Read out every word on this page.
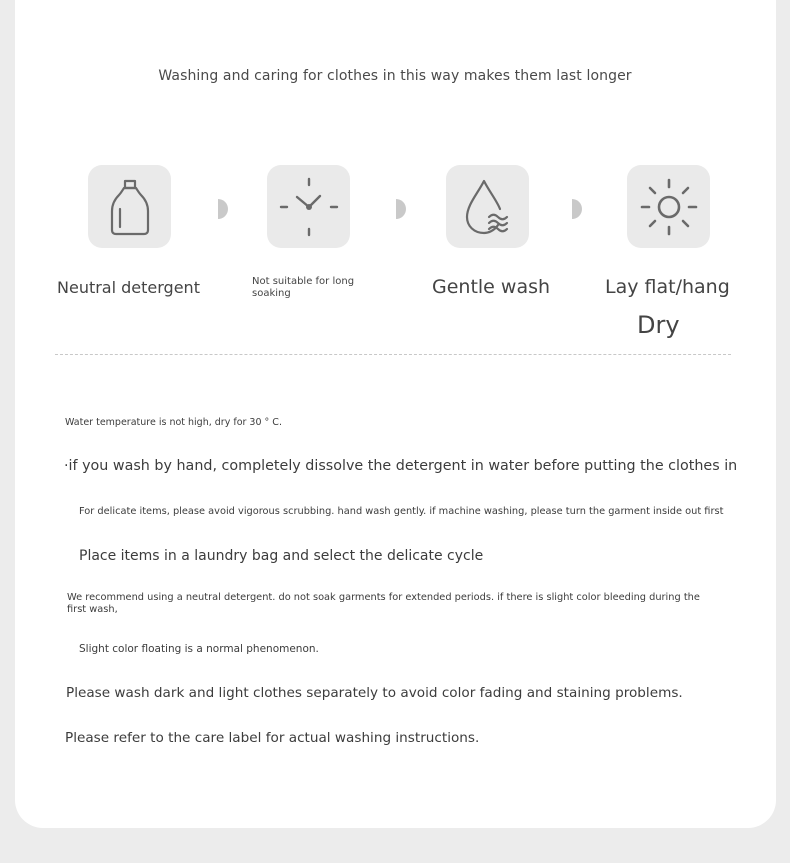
Washing and caring for clothes in this way makes them last longer
Neutral detergent	Not suitable for long soaking	Gentle wash	Lay flat/hang
Dry
Water temperature is not high, dry for 30 ° C.
·if you wash by hand, completely dissolve the detergent in water before putting the clothes in
For delicate items, please avoid vigorous scrubbing. hand wash gently. if machine washing, please turn the garment inside out first
Place items in a laundry bag and select the delicate cycle
We recommend using a neutral detergent. do not soak garments for extended periods. if there is slight color bleeding during the first wash,
Slight color floating is a normal phenomenon.
Please wash dark and light clothes separately to avoid color fading and staining problems.
Please refer to the care label for actual washing instructions.
